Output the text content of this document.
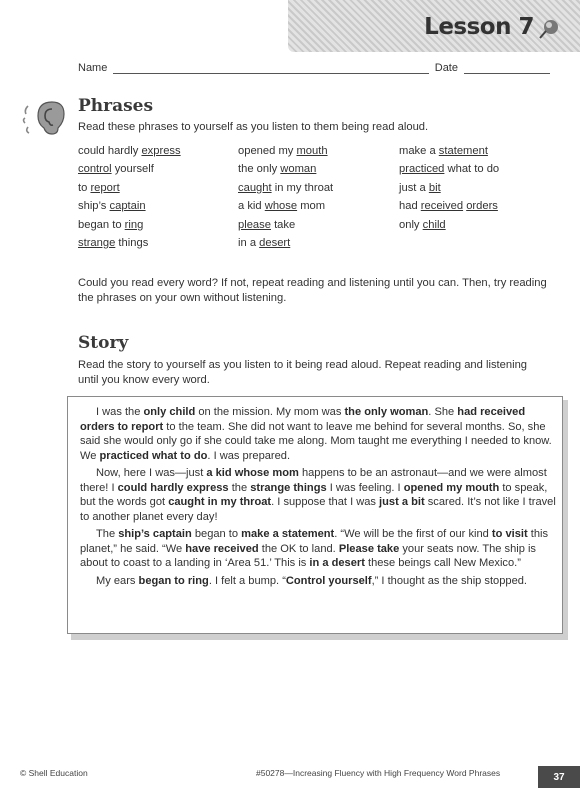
Lesson 7
Name	Date
Phrases
Read these phrases to yourself as you listen to them being read aloud.
could hardly express	opened my mouth	make a statement
control yourself	the only woman	practiced what to do
to report	caught in my throat	just a bit
ship’s captain	a kid whose mom	had received orders
began to ring	please take	only child
strange things	in a desert
Could you read every word? If not, repeat reading and listening until you can. Then, try reading the phrases on your own without listening.
Story
Read the story to yourself as you listen to it being read aloud. Repeat reading and listening until you know every word.

I was the only child on the mission. My mom was the only woman. She had received orders to report to the team. She did not want to leave me behind for several months. So, she said she would only go if she could take me along. Mom taught me everything I needed to know. We practiced what to do. I was prepared.

Now, here I was—just a kid whose mom happens to be an astronaut—and we were almost there! I could hardly express the strange things I was feeling. I opened my mouth to speak, but the words got caught in my throat. I suppose that I was just a bit scared. It’s not like I travel to another planet every day!

The ship’s captain began to make a statement. “We will be the first of our kind to visit this planet,” he said. “We have received the OK to land. Please take your seats now. The ship is about to coast to a landing in ‘Area 51.’ This is in a desert these beings call New Mexico.”

My ears began to ring. I felt a bump. “Control yourself,” I thought as the ship stopped.

© Shell Education	#50278—Increasing Fluency with High Frequency Word Phrases	37
